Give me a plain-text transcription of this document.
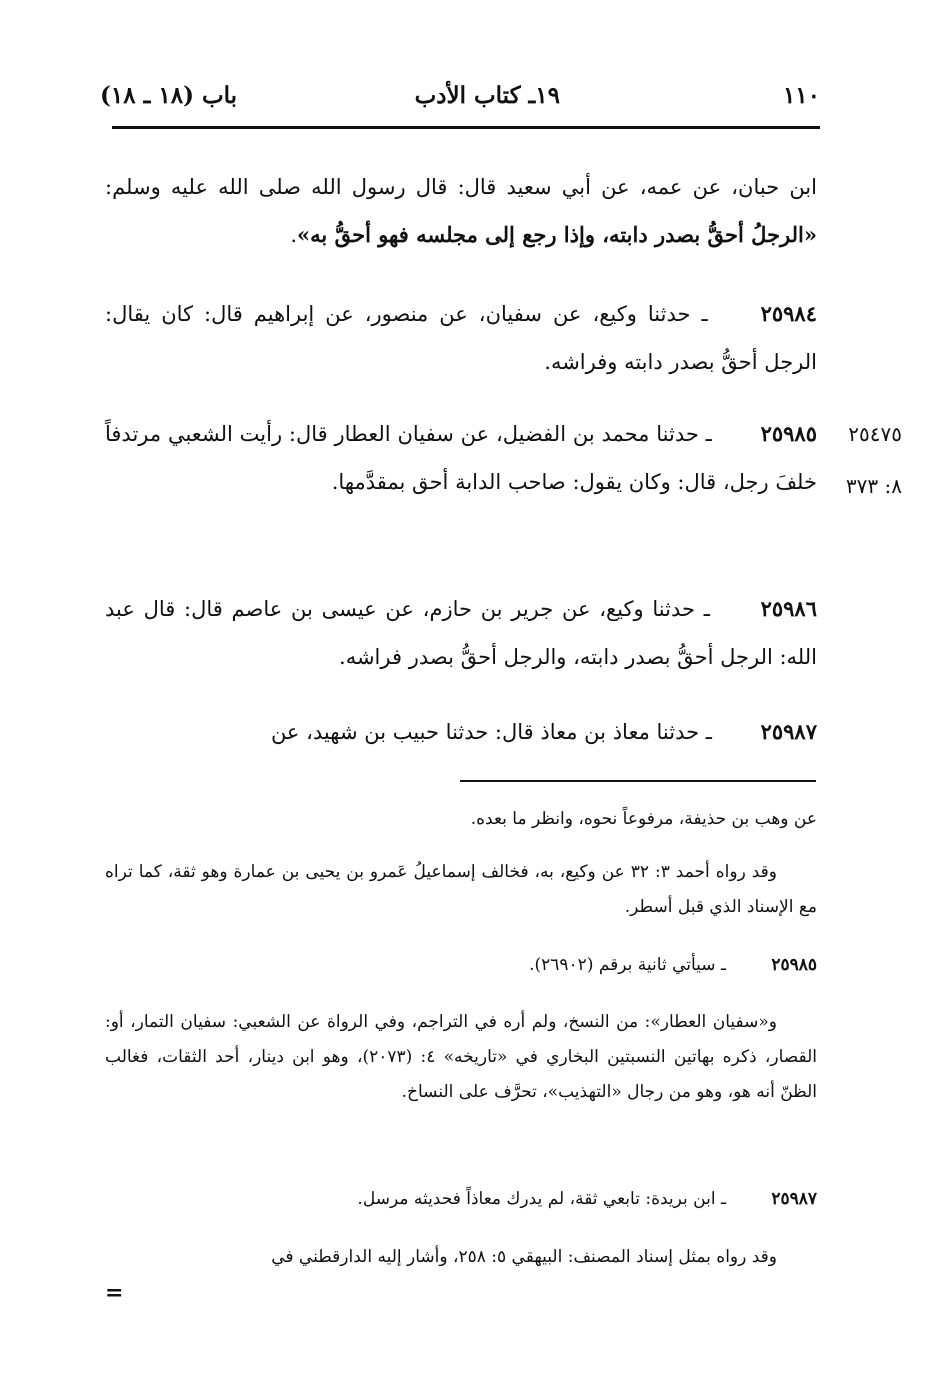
١١٠
١٩ـ كتاب الأدب
باب (١٨ ـ ١٨)
ابن حبان، عن عمه، عن أبي سعيد قال: قال رسول الله صلى الله عليه وسلم: «الرجلُ أحقُّ بصدر دابته، وإذا رجع إلى مجلسه فهو أحقُّ به».
٢٥٩٨٤ ـ حدثنا وكيع، عن سفيان، عن منصور، عن إبراهيم قال: كان يقال: الرجل أحقُّ بصدر دابته وفراشه.
٢٥٩٨٥ ـ حدثنا محمد بن الفضيل، عن سفيان العطار قال: رأيت الشعبي مرتدفاً خلفَ رجل، قال: وكان يقول: صاحب الدابة أحق بمقدَّمها.
٢٥٤٧٥
٨: ٣٧٣
٢٥٩٨٦ ـ حدثنا وكيع، عن جرير بن حازم، عن عيسى بن عاصم قال: قال عبد الله: الرجل أحقُّ بصدر دابته، والرجل أحقُّ بصدر فراشه.
٢٥٩٨٧ ـ حدثنا معاذ بن معاذ قال: حدثنا حبيب بن شهيد، عن
عن وهب بن حذيفة، مرفوعاً نحوه، وانظر ما بعده.
وقد رواه أحمد ٣: ٣٢ عن وكيع، به، فخالف إسماعيلُ عَمرو بن يحيى بن عمارة وهو ثقة، كما تراه مع الإسناد الذي قبل أسطر.
٢٥٩٨٥ ـ سيأتي ثانية برقم (٢٦٩٠٢).
و«سفيان العطار»: من النسخ، ولم أره في التراجم، وفي الرواة عن الشعبي: سفيان التمار، أو: القصار، ذكره بهاتين النسبتين البخاري في «تاريخه» ٤: (٢٠٧٣)، وهو ابن دينار، أحد الثقات، فغالب الظنّ أنه هو، وهو من رجال «التهذيب»، تحرَّف على النساخ.
٢٥٩٨٧ ـ ابن بريدة: تابعي ثقة، لم يدرك معاذاً فحديثه مرسل.
وقد رواه بمثل إسناد المصنف: البيهقي ٥: ٢٥٨، وأشار إليه الدارقطني في
=
